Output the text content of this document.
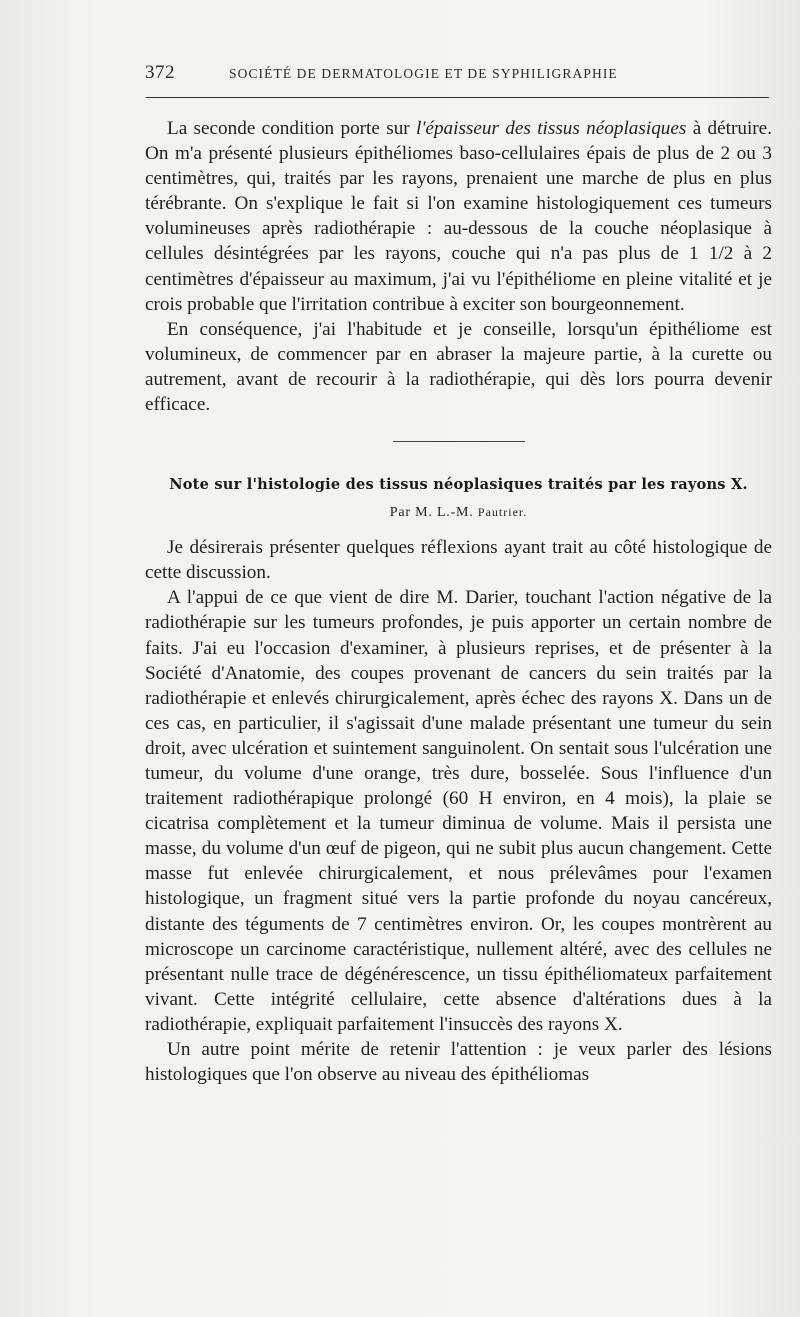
372	SOCIÉTÉ DE DERMATOLOGIE ET DE SYPHILIGRAPHIE

La seconde condition porte sur l'épaisseur des tissus néoplasiques à détruire. On m'a présenté plusieurs épithéliomes baso-cellulaires épais de plus de 2 ou 3 centimètres, qui, traités par les rayons, prenaient une marche de plus en plus térébrante. On s'explique le fait si l'on examine histologiquement ces tumeurs volumineuses après radiothérapie : au-dessous de la couche néoplasique à cellules désintégrées par les rayons, couche qui n'a pas plus de 1 1/2 à 2 centimètres d'épaisseur au maximum, j'ai vu l'épithéliome en pleine vitalité et je crois probable que l'irritation contribue à exciter son bourgeonnement.

En conséquence, j'ai l'habitude et je conseille, lorsqu'un épithéliome est volumineux, de commencer par en abraser la majeure partie, à la curette ou autrement, avant de recourir à la radiothérapie, qui dès lors pourra devenir efficace.

Note sur l'histologie des tissus néoplasiques traités par les rayons X.
Par M. L.-M. Pautrier.

Je désirerais présenter quelques réflexions ayant trait au côté histologique de cette discussion.

A l'appui de ce que vient de dire M. Darier, touchant l'action négative de la radiothérapie sur les tumeurs profondes, je puis apporter un certain nombre de faits. J'ai eu l'occasion d'examiner, à plusieurs reprises, et de présenter à la Société d'Anatomie, des coupes provenant de cancers du sein traités par la radiothérapie et enlevés chirurgicalement, après échec des rayons X. Dans un de ces cas, en particulier, il s'agissait d'une malade présentant une tumeur du sein droit, avec ulcération et suintement sanguinolent. On sentait sous l'ulcération une tumeur, du volume d'une orange, très dure, bosselée. Sous l'influence d'un traitement radiothérapique prolongé (60 H environ, en 4 mois), la plaie se cicatrisa complètement et la tumeur diminua de volume. Mais il persista une masse, du volume d'un œuf de pigeon, qui ne subit plus aucun changement. Cette masse fut enlevée chirurgicalement, et nous prélevâmes pour l'examen histologique, un fragment situé vers la partie profonde du noyau cancéreux, distante des téguments de 7 centimètres environ. Or, les coupes montrèrent au microscope un carcinome caractéristique, nullement altéré, avec des cellules ne présentant nulle trace de dégénérescence, un tissu épithéliomateux parfaitement vivant. Cette intégrité cellulaire, cette absence d'altérations dues à la radiothérapie, expliquait parfaitement l'insuccès des rayons X.

Un autre point mérite de retenir l'attention : je veux parler des lésions histologiques que l'on observe au niveau des épithéliomas
